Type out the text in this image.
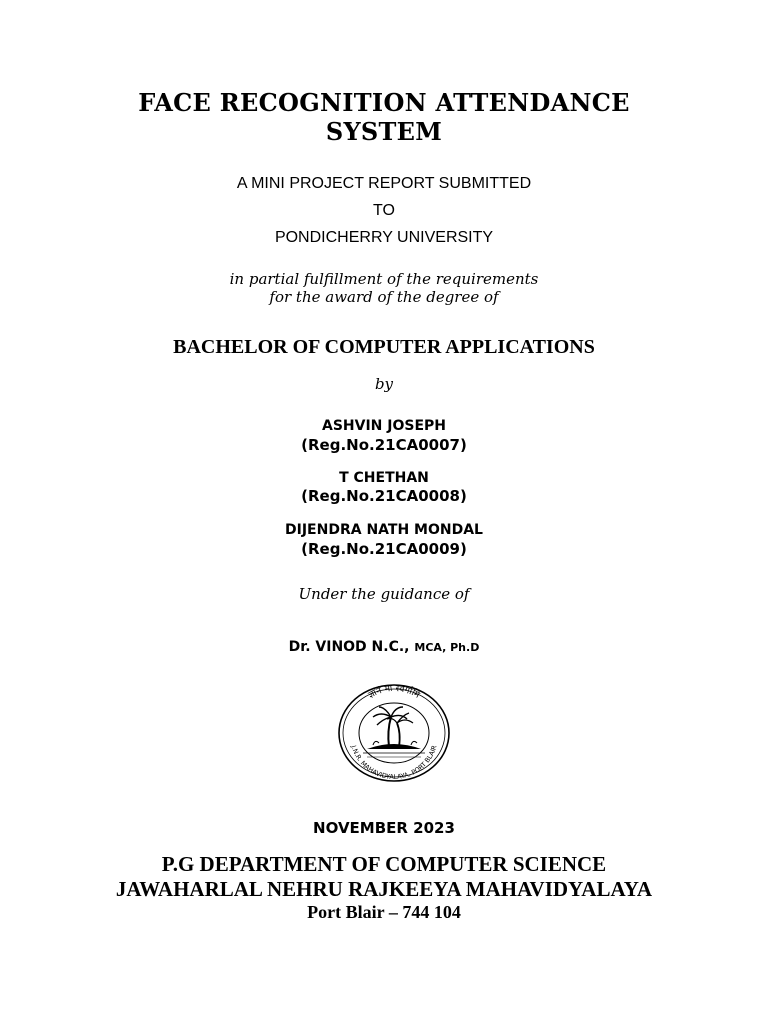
FACE RECOGNITION ATTENDANCE
SYSTEM
A MINI PROJECT REPORT SUBMITTED
TO
PONDICHERRY UNIVERSITY
in partial fulfillment of the requirements
for the award of the degree of
BACHELOR OF COMPUTER APPLICATIONS
by
ASHVIN JOSEPH
(Reg.No.21CA0007)
T CHETHAN
(Reg.No.21CA0008)
DIJENDRA NATH MONDAL
(Reg.No.21CA0009)
Under the guidance of
Dr. VINOD N.C., MCA, Ph.D
ज्ञानं मा स्वर्गामि
J.N.R. MAHAVIDYALAYA, PORT BLAIR
NOVEMBER 2023
P.G DEPARTMENT OF COMPUTER SCIENCE
JAWAHARLAL NEHRU RAJKEEYA MAHAVIDYALAYA
Port Blair – 744 104
